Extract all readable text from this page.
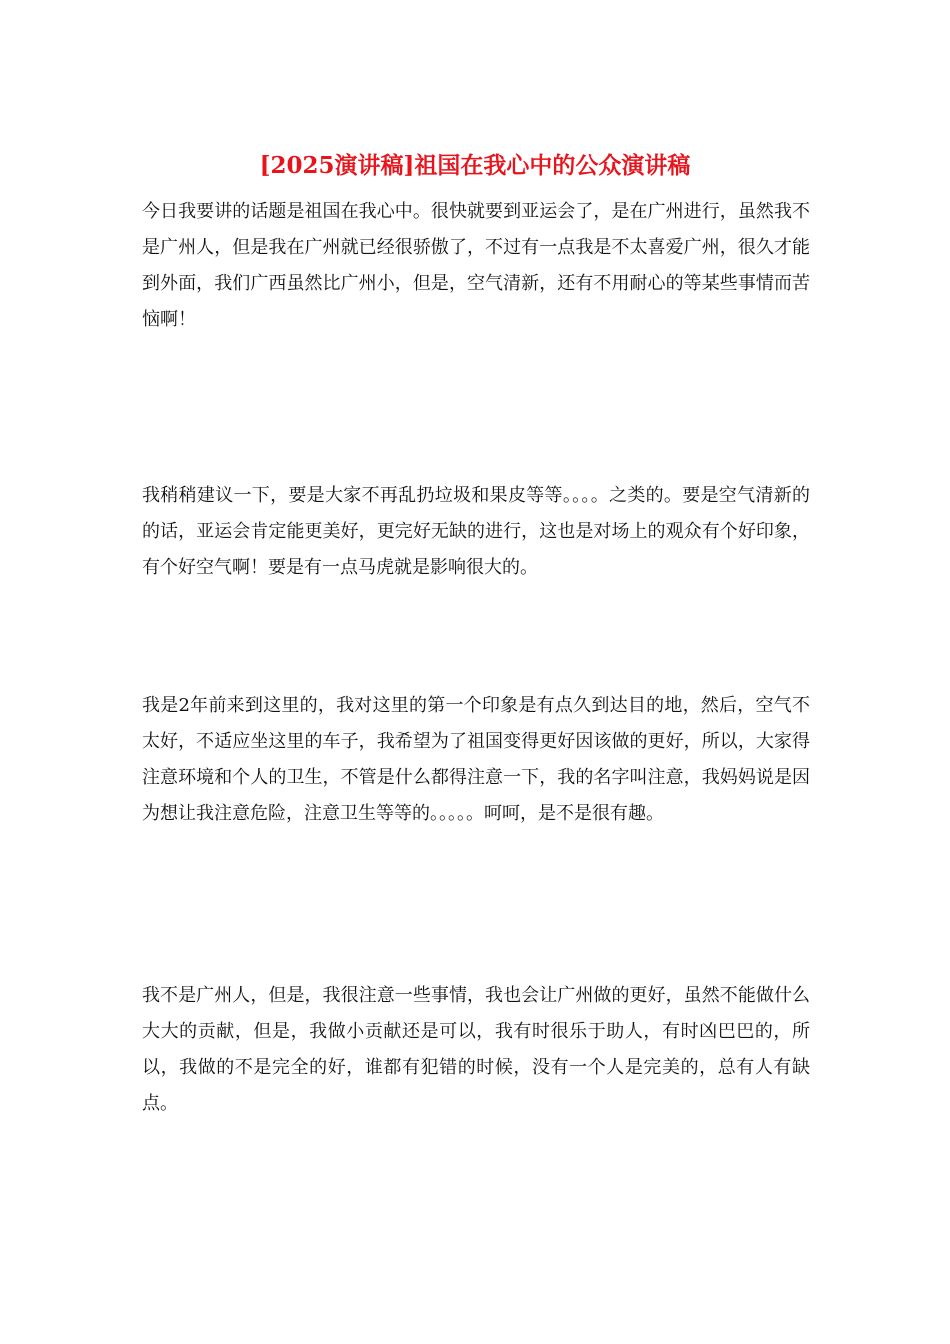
[2025演讲稿]祖国在我心中的公众演讲稿

今日我要讲的话题是祖国在我心中。很快就要到亚运会了，是在广州进行，虽然我不是广州人，但是我在广州就已经很骄傲了，不过有一点我是不太喜爱广州，很久才能到外面，我们广西虽然比广州小，但是，空气清新，还有不用耐心的等某些事情而苦恼啊！

我稍稍建议一下，要是大家不再乱扔垃圾和果皮等等。。。。之类的。要是空气清新的的话，亚运会肯定能更美好，更完好无缺的进行，这也是对场上的观众有个好印象，有个好空气啊！要是有一点马虎就是影响很大的。

我是2年前来到这里的，我对这里的第一个印象是有点久到达目的地，然后，空气不太好，不适应坐这里的车子，我希望为了祖国变得更好因该做的更好，所以，大家得注意环境和个人的卫生，不管是什么都得注意一下，我的名字叫注意，我妈妈说是因为想让我注意危险，注意卫生等等的。。。。。呵呵，是不是很有趣。

我不是广州人，但是，我很注意一些事情，我也会让广州做的更好，虽然不能做什么大大的贡献，但是，我做小贡献还是可以，我有时很乐于助人，有时凶巴巴的，所以，我做的不是完全的好，谁都有犯错的时候，没有一个人是完美的，总有人有缺点。
